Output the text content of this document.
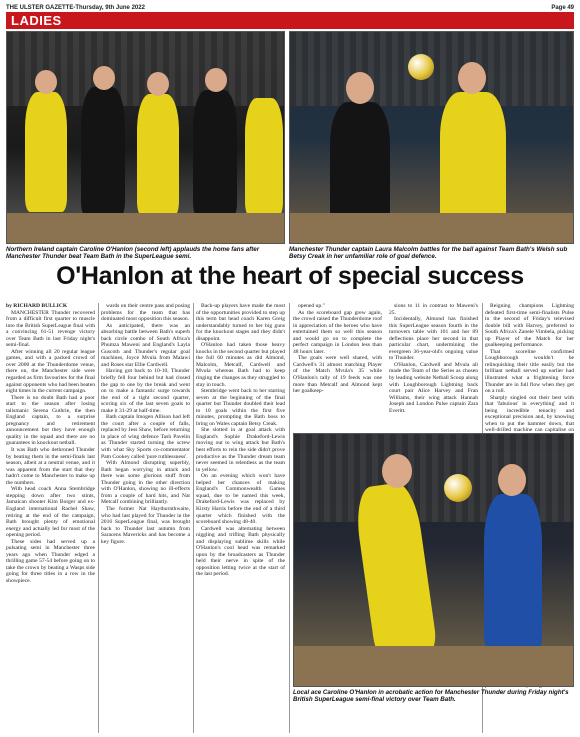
THE ULSTER GAZETTE-Thursday, 9th June 2022	Page 49
LADIES
Northern Ireland captain Caroline O'Hanlon (second left) applauds the home fans after Manchester Thunder beat Team Bath in the SuperLeague semi.
Manchester Thunder captain Laura Malcolm battles for the ball against Team Bath's Welsh sub Betsy Creak in her unfamiliar role of goal defence.
O'Hanlon at the heart of special success

by RICHARD BULLICK

MANCHESTER Thunder recovered from a difficult first quarter to muscle into the British SuperLeague final with a convincing 61-51 revenge victory over Team Bath in last Friday night's semi-final.

After winning all 20 regular league games, and with a packed crowd of over 2000 at the Thunderdome venue, there on, the Manchester side were regarded as firm favourites for the final against opponents who had been beaten eight times in the current campaign.

There is no doubt Bath had a poor start to the season after losing talismanic Serena Guthrie, the then England captain, to a surprise pregnancy and retirement announcement but they have enough quality in the squad and there are no guarantees in knockout netball.

It was Bath who dethroned Thunder by beating them in the semi-finals last season, albeit at a neutral venue, and it was apparent from the start that they hadn't come to Manchester to make up the numbers.

With head coach Anna Stembridge stepping down after two stints, Jamaican shooter Kim Borger and ex-England international Rachel Shaw, retiring at the end of the campaign, Bath brought plenty of emotional energy and actually led for most of the opening period.

These sides had served up a pulsating semi in Manchester three years ago when Thunder edged a thrilling game 57-54 before going on to take the crown by beating a Wasps side going for three titles in a row in the showpiece.

wards on their centre pass and posing problems for the team that has dominated most opposition this season.

As anticipated, there was an absorbing battle between Bath's superb back circle combo of South Africa's Phumza Maweni and England's Layla Guscoth and Thunder's regular goal machines, Joyce Mvula from Malawi and Roses star Ellie Cardwell.

Having got back to 10-10, Thunder briefly fell four behind but had closed the gap to one by the break and went on to make a fantastic surge towards the end of a tight second quarter, scoring six of the last seven goals to make it 31-29 at half-time.

Bath captain Imogen Allison had left the court after a couple of falls, replaced by Jess Shaw, before returning in place of wing defence Tash Pavelin as Thunder started turning the screw with what Sky Sports co-commentator Pam Cookey called 'pure ruthlessness'.

With Almond disrupting superbly, Bath began worrying in attack and there was some glorious stuff from Thunder going in the other direction with O'Hanlon, showing no ill-effects from a couple of hard hits, and Nat Metcalf combining brilliantly.

The former Nat Haythornthwaite, who had last played for Thunder in the 2016 SuperLeague final, was brought back to Thunder last autumn from Saracens Mavericks and has become a key figure.

Back-up players have made the most of the opportunities provided to step up this term but head coach Karen Greig understandably turned to her big guns for the knockout stages and they didn't disappoint.

O'Hanlon had taken those heavy knocks in the second quarter but played the full 60 minutes as did Almond, Malcolm, Metcalf, Cardwell and Mvula whereas Bath had to keep ringing the changes as they struggled to stay in touch.

Stembridge went back to her starting seven at the beginning of the final quarter but Thunder doubled their lead to 10 goals within the first five minutes, prompting the Bath boss to bring on Wales captain Betsy Creak.

She slotted in at goal attack with England's Sophie Drakeford-Lewis moving out to wing attack but Bath's best efforts to rein the side didn't prove productive as the Thunder dream team never seemed in relentless as the team in yellow.

On an evening which won't have helped her chances of making England's Commonwealth Games squad, due to be named this week, Drakeford-Lewis was replaced by Kirsty Harris before the end of a third quarter which finished with the scoreboard showing 48-40.

Cardwell was alternating between niggling and trifling Bath physically and displaying sublime skills while O'Hanlon's cool head was remarked upon by the broadcasters as Thunder held their nerve in spite of the opposition letting twice at the start of the last period.

opened up."

As the scoreboard gap grew again, the crowd raised the Thunderdome roof in appreciation of the heroes who have entertained them so well this season and would go on to complete the perfect campaign in London less than 48 hours later.

The goals were well shared, with Cardwell's 31 almost matching Player of the Match Mvula's 35 while O'Hanlon's tally of 19 feeds was one more than Metcalf and Almond kept her goalkeep-

sions to 11 in contrast to Maweni's 25.

Incidentally, Almond has finished this SuperLeague season fourth in the turnovers table with 101 and her 89 deflections place her second in that particular chart, undermining the evergreen 36-year-old's ongoing value to Thunder.

O'Hanlon, Cardwell and Mvula all made the Team of the Series as chosen by leading website Netball Scoop along with Loughborough Lightning back court pair Alice Harvey and Fran Williams, their wing attack Hannah Joseph and London Pulse captain Zara Everitt.

Reigning champions Lightning defeated first-time semi-finalists Pulse in the second of Friday's televised double bill with Harvey, preferred to South Africa's Zanele Vimbela, picking up Player of the Match for her goalkeeping performance.

That scoreline confirmed Loughborough wouldn't be relinquishing their title easily but the brilliant netball served up earlier had illustrated what a frightening force Thunder are in full flow when they get on a roll.

Sharply singled out their best with that 'fabulous' in everything' and it being incredible tenacity and exceptional precision and, by knowing when to put the hammer down, that well-drilled machine can capitalise on

Local ace Caroline O'Hanlon in acrobatic action for Manchester Thunder during Friday night's British SuperLeague semi-final victory over Team Bath.
